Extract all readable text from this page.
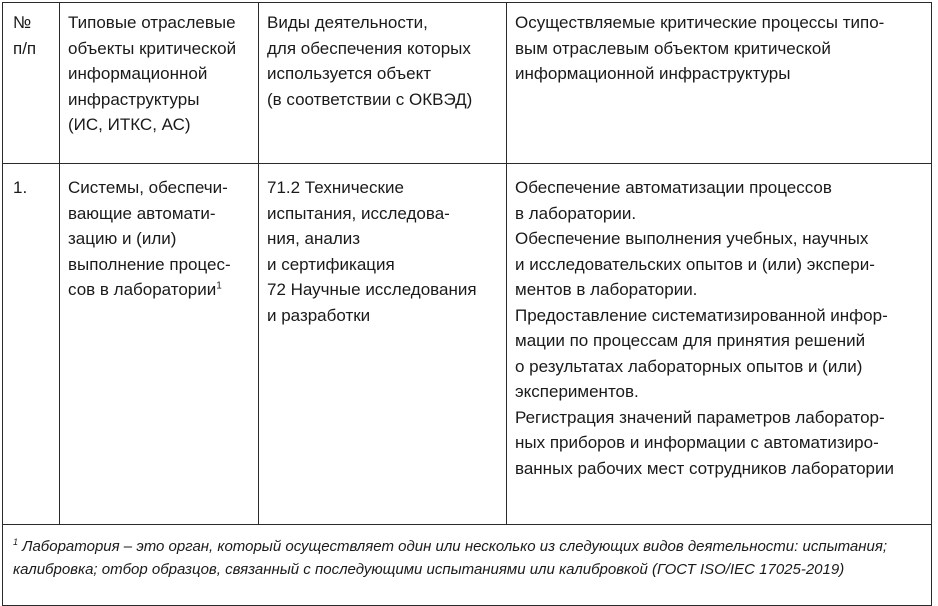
№
п/п
Типовые отраслевые
объекты критической
информационной
инфраструктуры
(ИС, ИТКС, АС)
Виды деятельности,
для обеспечения которых
используется объект
(в соответствии с ОКВЭД)
Осуществляемые критические процессы типо-
вым отраслевым объектом критической
информационной инфраструктуры
1.	Системы, обеспечи-
вающие автомати-
зацию и (или)
выполнение процес-
сов в лаборатории$^1$
71.2 Технические
испытания, исследова-
ния, анализ
и сертификация
72 Научные исследования
и разработки
Обеспечение автоматизации процессов
в лаборатории.
Обеспечение выполнения учебных, научных
и исследовательских опытов и (или) экспери-
ментов в лаборатории.
Предоставление систематизированной инфор-
мации по процессам для принятия решений
о результатах лабораторных опытов и (или)
экспериментов.
Регистрация значений параметров лаборатор-
ных приборов и информации с автоматизиро-
ванных рабочих мест сотрудников лаборатории
$^1$ Лаборатория – это орган, который осуществляет один или несколько из следующих видов деятельности: испытания;
калибровка; отбор образцов, связанный с последующими испытаниями или калибровкой (ГОСТ ISO/IEC 17025-2019)
